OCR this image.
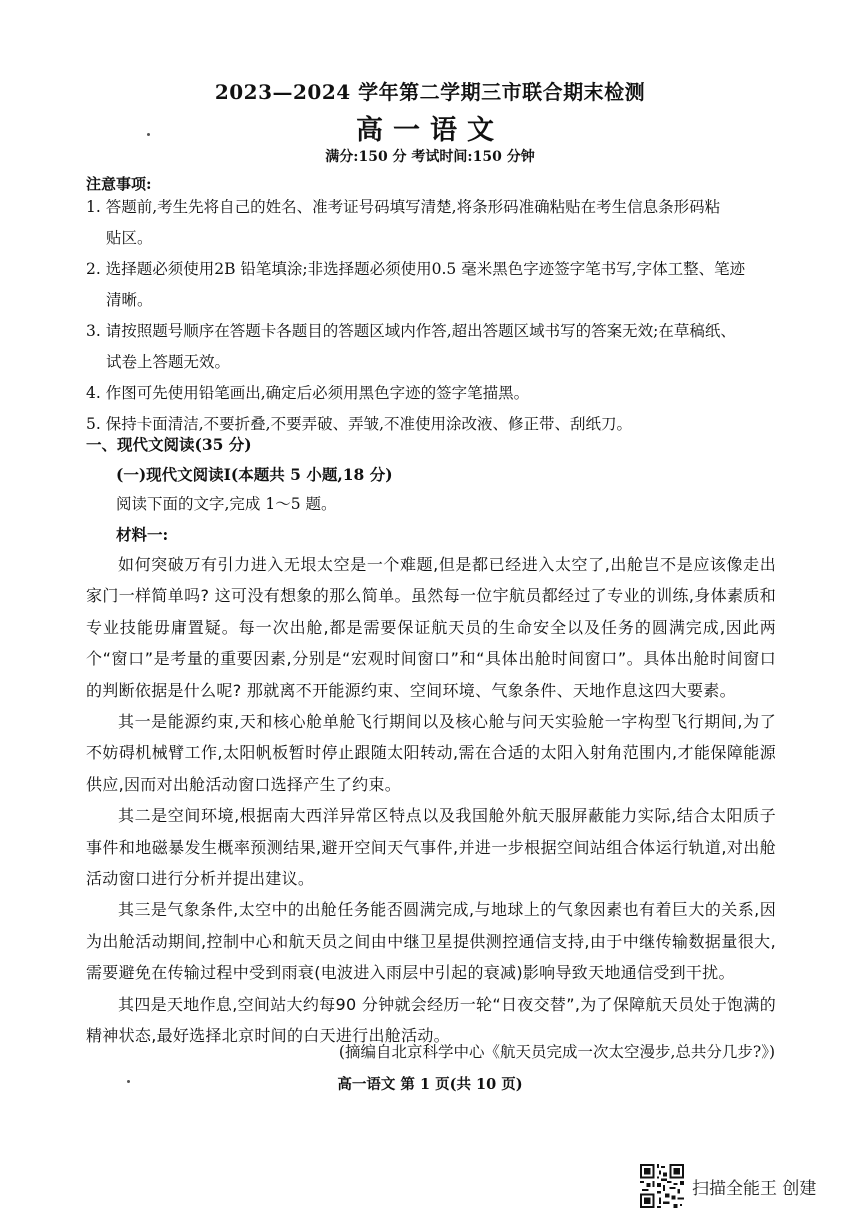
2023—2024 学年第二学期三市联合期末检测
高一语文
满分:150 分 考试时间:150 分钟
注意事项:

1. 答题前,考生先将自己的姓名、准考证号码填写清楚,将条形码准确粘贴在考生信息条形码粘
贴区。

2. 选择题必须使用2B 铅笔填涂;非选择题必须使用0.5 毫米黑色字迹签字笔书写,字体工整、笔迹
清晰。

3. 请按照题号顺序在答题卡各题目的答题区域内作答,超出答题区域书写的答案无效;在草稿纸、
试卷上答题无效。

4. 作图可先使用铅笔画出,确定后必须用黑色字迹的签字笔描黑。

5. 保持卡面清洁,不要折叠,不要弄破、弄皱,不准使用涂改液、修正带、刮纸刀。

一、现代文阅读(35 分)
(一)现代文阅读Ⅰ(本题共 5 小题,18 分)
阅读下面的文字,完成 1～5 题。
材料一:

如何突破万有引力进入无垠太空是一个难题,但是都已经进入太空了,出舱岂不是应该像走出家门一样简单吗? 这可没有想象的那么简单。虽然每一位宇航员都经过了专业的训练,身体素质和专业技能毋庸置疑。每一次出舱,都是需要保证航天员的生命安全以及任务的圆满完成,因此两个“窗口”是考量的重要因素,分别是“宏观时间窗口”和“具体出舱时间窗口”。具体出舱时间窗口的判断依据是什么呢? 那就离不开能源约束、空间环境、气象条件、天地作息这四大要素。

其一是能源约束,天和核心舱单舱飞行期间以及核心舱与问天实验舱一字构型飞行期间,为了不妨碍机械臂工作,太阳帆板暂时停止跟随太阳转动,需在合适的太阳入射角范围内,才能保障能源供应,因而对出舱活动窗口选择产生了约束。

其二是空间环境,根据南大西洋异常区特点以及我国舱外航天服屏蔽能力实际,结合太阳质子事件和地磁暴发生概率预测结果,避开空间天气事件,并进一步根据空间站组合体运行轨道,对出舱活动窗口进行分析并提出建议。

其三是气象条件,太空中的出舱任务能否圆满完成,与地球上的气象因素也有着巨大的关系,因为出舱活动期间,控制中心和航天员之间由中继卫星提供测控通信支持,由于中继传输数据量很大,需要避免在传输过程中受到雨衰(电波进入雨层中引起的衰减)影响导致天地通信受到干扰。

其四是天地作息,空间站大约每90 分钟就会经历一轮“日夜交替”,为了保障航天员处于饱满的精神状态,最好选择北京时间的白天进行出舱活动。

(摘编自北京科学中心《航天员完成一次太空漫步,总共分几步?》)
高一语文 第 1 页(共 10 页)
扫描全能王 创建
